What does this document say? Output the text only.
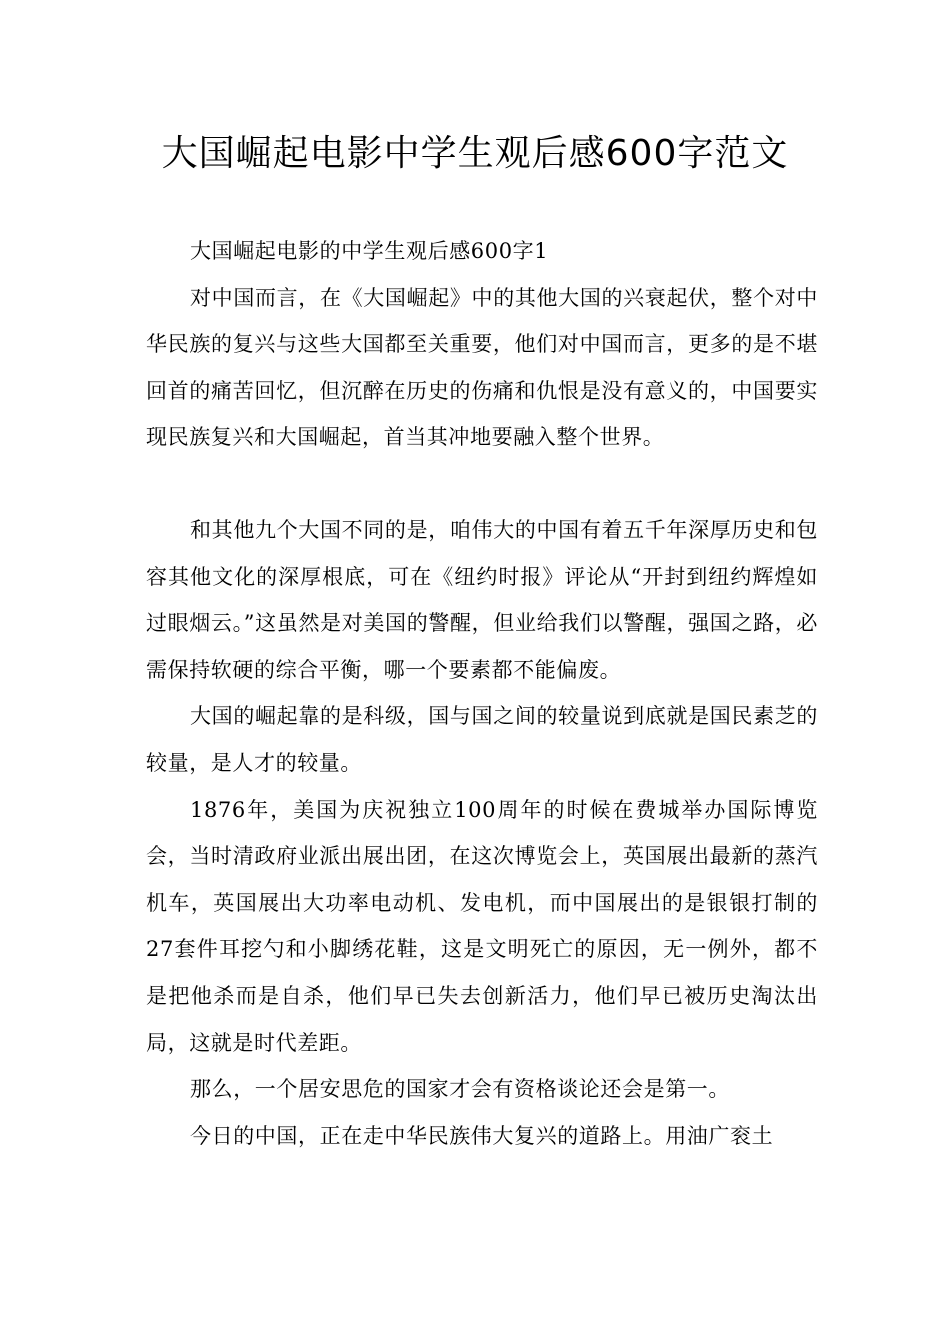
大国崛起电影中学生观后感600字范文

大国崛起电影的中学生观后感600字1

对中国而言，在《大国崛起》中的其他大国的兴衰起伏，整个对中华民族的复兴与这些大国都至关重要，他们对中国而言，更多的是不堪回首的痛苦回忆，但沉醉在历史的伤痛和仇恨是没有意义的，中国要实现民族复兴和大国崛起，首当其冲地要融入整个世界。

和其他九个大国不同的是，咱伟大的中国有着五千年深厚历史和包容其他文化的深厚根底，可在《纽约时报》评论从“开封到纽约辉煌如过眼烟云。”这虽然是对美国的警醒，但业给我们以警醒，强国之路，必需保持软硬的综合平衡，哪一个要素都不能偏废。

大国的崛起靠的是科级，国与国之间的较量说到底就是国民素芝的较量，是人才的较量。

1876年，美国为庆祝独立100周年的时候在费城举办国际博览会，当时清政府业派出展出团，在这次博览会上，英国展出最新的蒸汽机车，英国展出大功率电动机、发电机，而中国展出的是银银打制的27套件耳挖勺和小脚绣花鞋，这是文明死亡的原因，无一例外，都不是把他杀而是自杀，他们早已失去创新活力，他们早已被历史淘汰出局，这就是时代差距。

那么，一个居安思危的国家才会有资格谈论还会是第一。

今日的中国，正在走中华民族伟大复兴的道路上。用油广衮土
